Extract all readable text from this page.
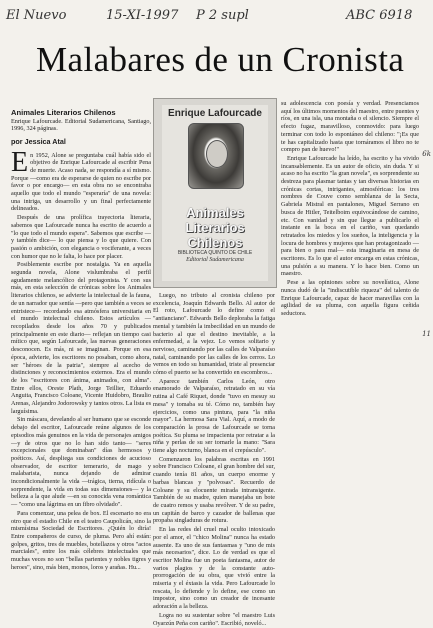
El Nuevo	15-XI-1997 P 2 supl	ABC 6918
Malabares de un Cronista
Animales Literarios Chilenos
Enrique Lafourcade. Editorial Sudamericana, Santiago, 1996, 324 páginas.
por Jessica Atal
E n 1952, Alone se preguntaba cuál había sido el objetivo de Enrique Lafourcade al escribir Pena de muerte. Acaso nada, se respondía a sí mismo. Porque —como era de esperarse de quien no escribe por favor o por encargo— en esta obra no se encontraba aquello que todo el mundo "esperaría" de una novela: una intriga, un desarrollo y un final perfectamente delineados.

Después de una prolífica trayectoria literaria, sabemos que Lafourcade nunca ha escrito de acuerdo a "lo que todo el mundo espera". Sabemos que escribe —y también dice— lo que piensa y lo que quiere. Con pasión o ambición, con elegancia o vociferante, a veces con humor que no le falta, lo hace por placer.

Posiblemente escribe por nostalgia. Ya en aquella segunda novela, Alone vislumbraba el perfil agudamente melancólico del protagonista. Y con sus más, en esta selección de crónicas sobre los Animales literarios chilenos, se advierte la intelectual de la fauna, de un narrador que sentía —pero que también a veces se entristece— recordando esa atmósfera universitaria en el mundo intelectual chileno. Estos artículos —recopilados desde los años 70 y publicados principalmente en este diario— reflejan un tiempo casi mítico que, según Lafourcade, las nuevas generaciones desconocen. Es más, ni se imaginan. Porque en esa época, advierte, los escritores no posaban, como ahora, ser "héroes de la patria", siempre al acecho de distinciones y reconocimientos externos. Era el mundo de los "escritores con ánima, animados, con alma". Entre ellos, Oreste Plath, Jorge Teillier, Eduardo Anguita, Francisco Coloane, Vicente Huidobro, Braulio Arenas, Alejandro Jodorowsky y tantos otros. La lista es larguísima.

Sin máscara, develando al ser humano que se esconde debajo del escritor, Lafourcade reúne algunos de los episodios más genuinos en la vida de personajes amigos —y de otros que no lo han sido tanto— "seres excepcionales que dominaban" días hermosos y poéticos. Así, despliega sus condiciones de acucioso observador, de escritor temerario, de mago y malabarista, nunca dejando de admirar incondicionalmente la vida —trágica, tierna, ridícula o sorprendente, la vida en todas sus dimensiones— y la belleza a la que alude —en su conocida vena romántica— "como una lágrima en un fibro olvidado".

Para comenzar, una pelea de box. El escenario no era otro que el estadio Chile en el teatro Caupolicán, sino la mismísima Sociedad de Escritores. ¿Quién lo diría! Entre compañeros de curso, de pluma. Pero ahí están: golpes, gritos, tres de muebles, botellazos y otros "actos marciales", entre los más célebres intelectuales que muchas veces no son "bellas parientes y nobles tigres y heroes", sino, más bien, monos, loros y arañas. Hu...

Enrique Lafourcade
Animales Literarios
Chilenos
BIBLIOTECA QUINTO DE CHILE
Editorial Sudamericana

Luego, no tributo al cronista chileno por excelencia, Joaquín Edwards Bello. Al autor de El roto, Lafourcade lo define como el "antianciano". Edwards Bello deploraba la fatiga mental y también la imbecilidad en un mundo de bacterio al que el destino inevitable, a la enfermedad, a la vejez. Lo vemos solitario y nervioso, caminando por las calles de Valparaíso natal, caminando por las calles de los cerros. Lo vemos en todo su humanidad, triste al presenciar cómo el puerto se ha convertido en escombros...

Aparece también Carlos León, otro enamorado de Valparaíso, retratado en su vía rutina al Café Riquet, donde "tuvo en mesuy su mesa" y tomaba su té. Cómo no, también hay ejercicios, como una pintura, para "la niña mayor". La hermosa Sara Vial. Aquí, a modo de comparación la prosa de Lafourcade se torna poética. Su pluma se impacienta por retratar a la niña y perlas de su ser tornarle la mano: "Sara tiene algo nocturno, blanca en el crepúsculo".

Comenzaron los palabras escritas en 1991 sobre Francisco Coloane, el gran hombre del sur, cuando tenía 81 años, un cuerpo enorme y barbas blancas y "polvosas". Recuerdo de Coloane y su elocuente mirada intransigente. También de su madre, quien manejaba un bote de cuatro remos y usaba revólver. Y de su padre, un capitán de barco y cazador de ballenas que propaba singladuras de rotura.

En las redes del cruel mal oculto intoxicado por el amor, el "chico Molina" nunca ha estado ausente. Es uno de sus fantasmas y "uno de mis más necesarios", dice. Lo de verdad es que el escritor Molina fue un poeta fantasma, autor de varios plagios y de la constante auto-prorrogación de su obra, que vivió entre la miseria y el éxtasis la vida. Pero Lafourcade lo rescata, lo defiende y lo define, ese como un impostor, sino como un creador de incesante adoración a la belleza.

Logra no su sustentar sobre "el maestro Luis Oyarzún Peña con cariño". Escribió, noveló...

su adolescencia con poesía y verdad. Presenciamos aquí los últimos momentos del maestro, entre puentes y ríos, en una isla, una montaña o el silencio. Siempre el efecto fugaz, maravilloso, conmovido: para luego terminar con todo lo espontáneo del chileno: "¡Es que te has capitalizado hasta que tornáramos el libro no te compro pan de huevo!"

Enrique Lafourcade ha leído, ha escrito y ha vivido incansablemente. Es un autor de oficio, sin duda. Y si acaso no ha escrito "la gran novela", es sorprendente su destreza para plasmar tantas y tan diversas historias en crónicas cortas, intrigantes, atmosféricas: los tres nombres de Couve como semblanza de la Secta, Gabriela Mistral en pantalones, Miguel Serrano en busca de Hitler, Teitelboim equivocándose de camino, etc. Con vanidad y sin que llegue a publicarlo el instante en la boca en el cariño, van quedando retratados los miedos y los sueños, la inteligencia y la locura de hombres y mujeres que han protagonizado —para bien o para mal— esta imaginaria en mesa de escritores. Es lo que el autor encarga en estas crónicas, una pulsión a su manera. Y lo hace bien. Como un maestro.

Pese a las opiniones sobre su novelística, Alone nunca dudó de la "indiscutible riqueza" del talento de Enrique Lafourcade, capaz de hacer maravillas con la agilidad de su pluma, con aquella figura ceñida seductora.

6k
11
